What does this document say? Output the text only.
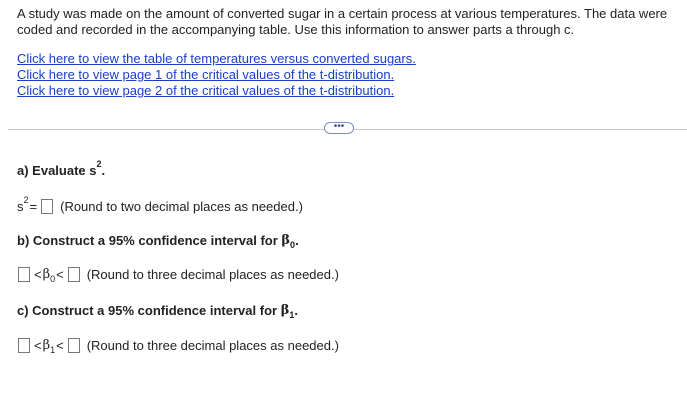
A study was made on the amount of converted sugar in a certain process at various temperatures. The data were coded and recorded in the accompanying table. Use this information to answer parts a through c.
Click here to view the table of temperatures versus converted sugars.
Click here to view page 1 of the critical values of the t-distribution.
Click here to view page 2 of the critical values of the t-distribution.
•••
a) Evaluate s 2 .
s 2 = (Round to two decimal places as needed.)
b) Construct a 95% confidence interval for
β 0 .
< β 0 < (Round to three decimal places as needed.)
c) Construct a 95% confidence interval for
β 1 .
< β 1 < (Round to three decimal places as needed.)
